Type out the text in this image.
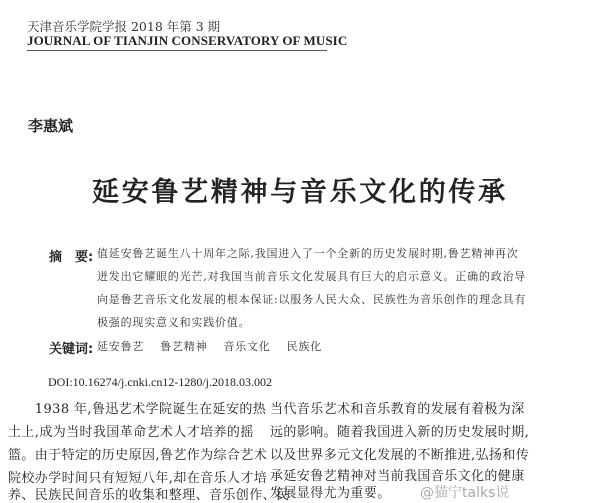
天津音乐学院学报 2018 年第 3 期
JOURNAL OF TIANJIN CONSERVATORY OF MUSIC
李惠斌
延安鲁艺精神与音乐文化的传承
摘　要: 值延安鲁艺诞生八十周年之际,我国进入了一个全新的历史发展时期,鲁艺精神再次
迸发出它耀眼的光芒,对我国当前音乐文化发展具有巨大的启示意义。正确的政治导
向是鲁艺音乐文化发展的根本保证:以服务人民大众、民族性为音乐创作的理念具有
极强的现实意义和实践价值。
关键词: 延安鲁艺 鲁艺精神 音乐文化 民族化
DOI:10.16274/j.cnki.cn12-1280/j.2018.03.002
　　1938 年,鲁迅艺术学院诞生在延安的热
土上,成为当时我国革命艺术人才培养的摇
篮。由于特定的历史原因,鲁艺作为综合艺术
院校办学时间只有短短八年,却在音乐人才培
养、民族民间音乐的收集和整理、音乐创作、民
当代音乐艺术和音乐教育的发展有着极为深
远的影响。随着我国进入新的历史发展时期,
以及世界多元文化发展的不断推进,弘扬和传
承延安鲁艺精神对当前我国音乐文化的健康
发展显得尤为重要。 @猫宁talks说
